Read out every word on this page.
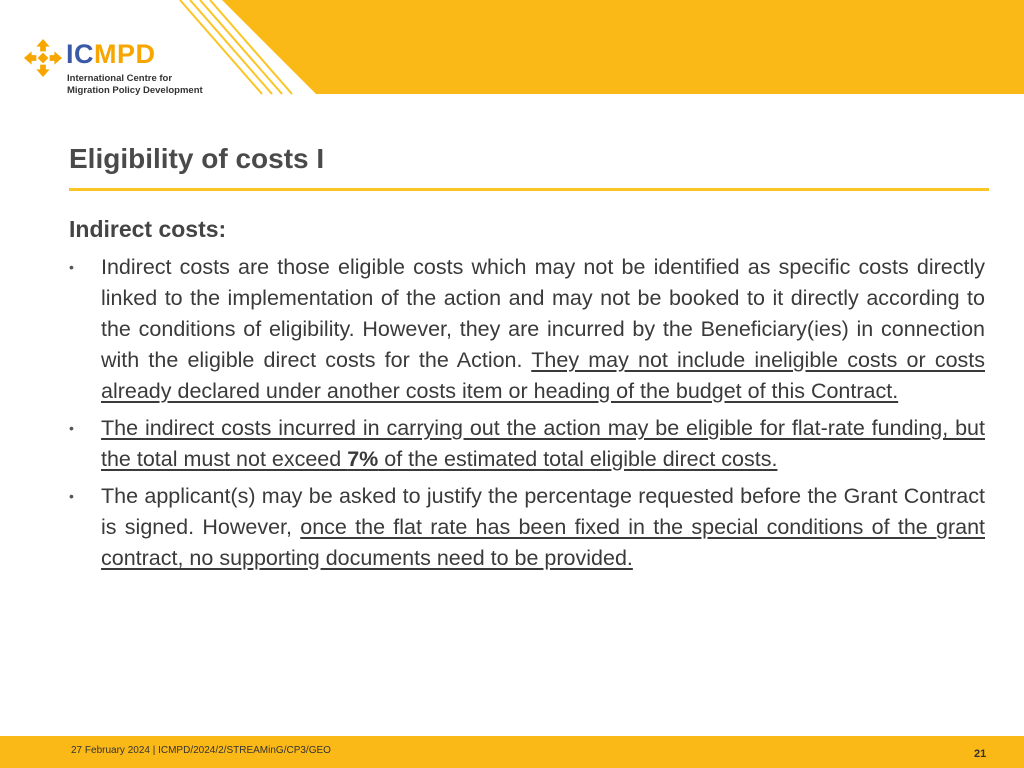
ICMPD
International Centre for
Migration Policy Development
Eligibility of costs I
Indirect costs:
•	Indirect costs are those eligible costs which may not be identified as specific costs directly linked to the implementation of the action and may not be booked to it directly according to the conditions of eligibility. However, they are incurred by the Beneficiary(ies) in connection with the eligible direct costs for the Action. They may not include ineligible costs or costs already declared under another costs item or heading of the budget of this Contract.
•	The indirect costs incurred in carrying out the action may be eligible for flat-rate funding, but the total must not exceed 7% of the estimated total eligible direct costs.
•	The applicant(s) may be asked to justify the percentage requested before the Grant Contract is signed. However, once the flat rate has been fixed in the special conditions of the grant contract, no supporting documents need to be provided.
27 February 2024 | ICMPD/2024/2/STREAMinG/CP3/GEO	21
